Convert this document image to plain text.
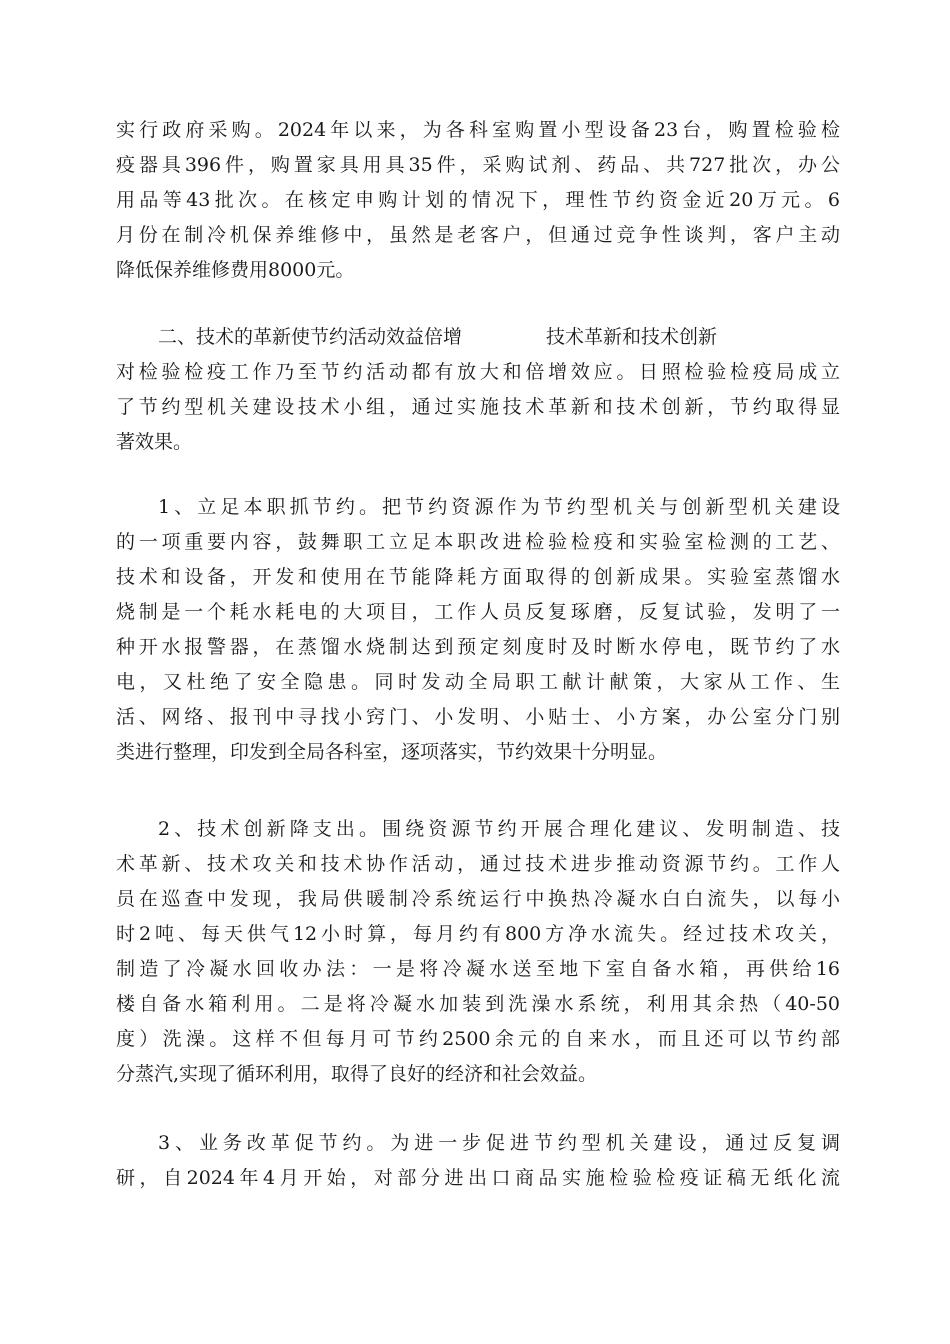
实行政府采购。2024年以来，为各科室购置小型设备23台，购置检验检
疫器具396件，购置家具用具35件，采购试剂、药品、共727批次，办公
用品等43批次。在核定申购计划的情况下，理性节约资金近20万元。6
月份在制冷机保养维修中，虽然是老客户，但通过竞争性谈判，客户主动
降低保养维修费用8000元。
二、技术的革新使节约活动效益倍增	技术革新和技术创新
对检验检疫工作乃至节约活动都有放大和倍增效应。日照检验检疫局成立
了节约型机关建设技术小组，通过实施技术革新和技术创新，节约取得显
著效果。
1、立足本职抓节约。把节约资源作为节约型机关与创新型机关建设
的一项重要内容，鼓舞职工立足本职改进检验检疫和实验室检测的工艺、
技术和设备，开发和使用在节能降耗方面取得的创新成果。实验室蒸馏水
烧制是一个耗水耗电的大项目，工作人员反复琢磨，反复试验，发明了一
种开水报警器，在蒸馏水烧制达到预定刻度时及时断水停电，既节约了水
电，又杜绝了安全隐患。同时发动全局职工献计献策，大家从工作、生
活、网络、报刊中寻找小窍门、小发明、小贴士、小方案，办公室分门别
类进行整理，印发到全局各科室，逐项落实，节约效果十分明显。
2、技术创新降支出。围绕资源节约开展合理化建议、发明制造、技
术革新、技术攻关和技术协作活动，通过技术进步推动资源节约。工作人
员在巡查中发现，我局供暖制冷系统运行中换热冷凝水白白流失，以每小
时2吨、每天供气12小时算，每月约有800方净水流失。经过技术攻关，
制造了冷凝水回收办法：一是将冷凝水送至地下室自备水箱，再供给16
楼自备水箱利用。二是将冷凝水加装到洗澡水系统，利用其余热（40-50
度）洗澡。这样不但每月可节约2500余元的自来水，而且还可以节约部
分蒸汽,实现了循环利用，取得了良好的经济和社会效益。
3、业务改革促节约。为进一步促进节约型机关建设，通过反复调
研，自2024年4月开始，对部分进出口商品实施检验检疫证稿无纸化流
